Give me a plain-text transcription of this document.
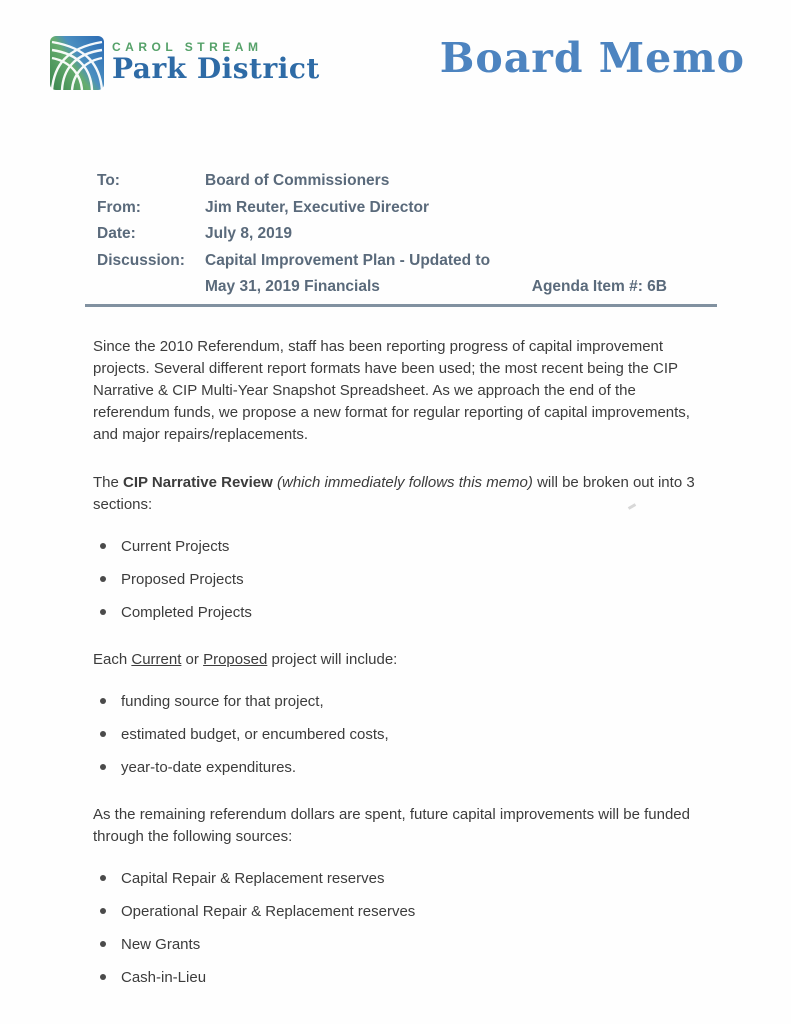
CAROL STREAM
Park District	Board Memo
To:	Board of Commissioners
From:	Jim Reuter, Executive Director
Date:	July 8, 2019
Discussion:	Capital Improvement Plan - Updated to
May 31, 2019 Financials	Agenda Item #: 6B

Since the 2010 Referendum, staff has been reporting progress of capital improvement projects. Several different report formats have been used; the most recent being the CIP Narrative & CIP Multi-Year Snapshot Spreadsheet. As we approach the end of the referendum funds, we propose a new format for regular reporting of capital improvements, and major repairs/replacements.

The CIP Narrative Review (which immediately follows this memo) will be broken out into 3 sections:

Current Projects
Proposed Projects
Completed Projects

Each Current or Proposed project will include:

funding source for that project,
estimated budget, or encumbered costs,
year-to-date expenditures.

As the remaining referendum dollars are spent, future capital improvements will be funded through the following sources:

Capital Repair & Replacement reserves
Operational Repair & Replacement reserves
New Grants
Cash-in-Lieu
